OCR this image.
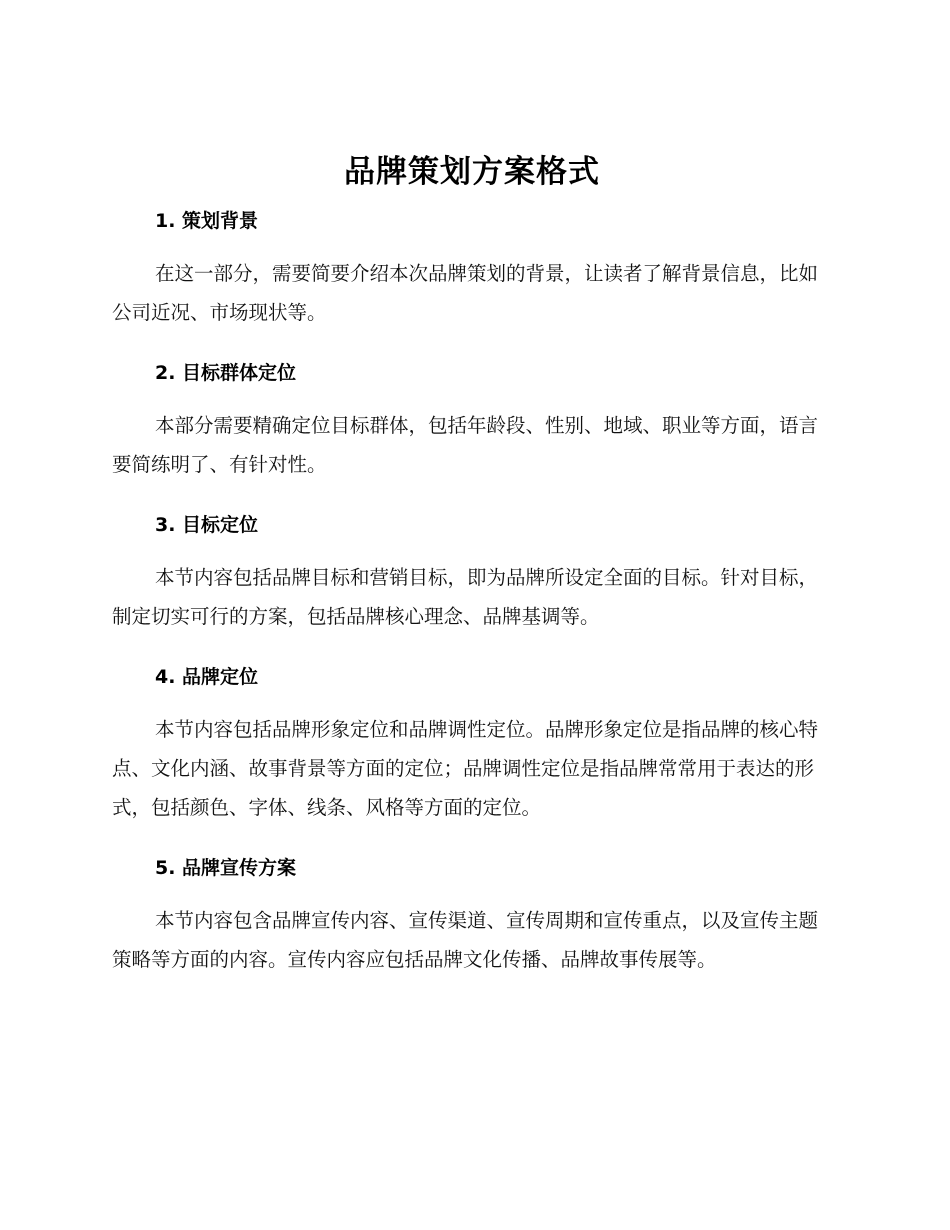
品牌策划方案格式
1. 策划背景

在这一部分，需要简要介绍本次品牌策划的背景，让读者了解背景信息，比如公司近况、市场现状等。

2. 目标群体定位

本部分需要精确定位目标群体，包括年龄段、性别、地域、职业等方面，语言要简练明了、有针对性。

3. 目标定位

本节内容包括品牌目标和营销目标，即为品牌所设定全面的目标。针对目标，制定切实可行的方案，包括品牌核心理念、品牌基调等。

4. 品牌定位

本节内容包括品牌形象定位和品牌调性定位。品牌形象定位是指品牌的核心特点、文化内涵、故事背景等方面的定位；品牌调性定位是指品牌常常用于表达的形式，包括颜色、字体、线条、风格等方面的定位。

5. 品牌宣传方案

本节内容包含品牌宣传内容、宣传渠道、宣传周期和宣传重点，以及宣传主题策略等方面的内容。宣传内容应包括品牌文化传播、品牌故事传展等。
